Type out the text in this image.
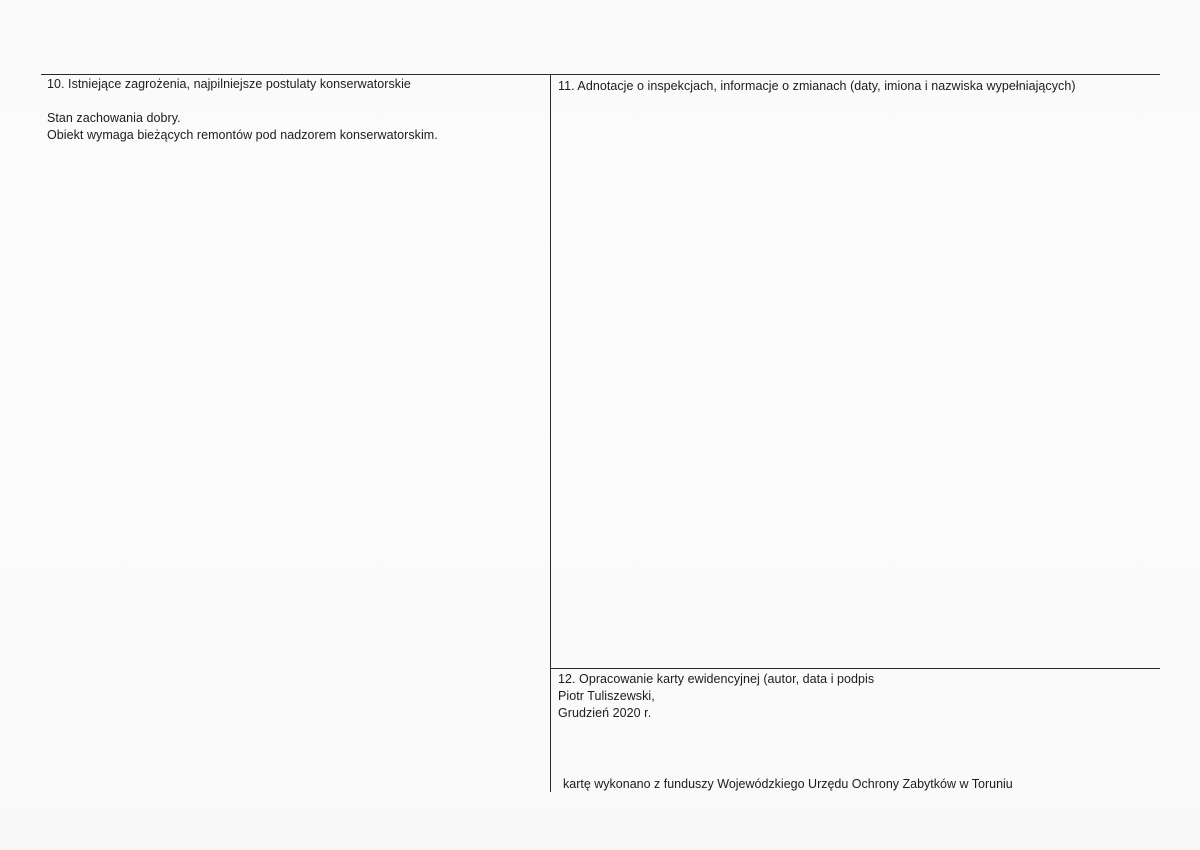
10. Istniejące zagrożenia, najpilniejsze postulaty konserwatorskie
Stan zachowania dobry.
Obiekt wymaga bieżących remontów pod nadzorem konserwatorskim.
11. Adnotacje o inspekcjach, informacje o zmianach (daty, imiona i nazwiska wypełniających)
12. Opracowanie karty ewidencyjnej (autor, data i podpis
Piotr Tuliszewski,
Grudzień 2020 r.
kartę wykonano z funduszy Wojewódzkiego Urzędu Ochrony Zabytków w Toruniu
